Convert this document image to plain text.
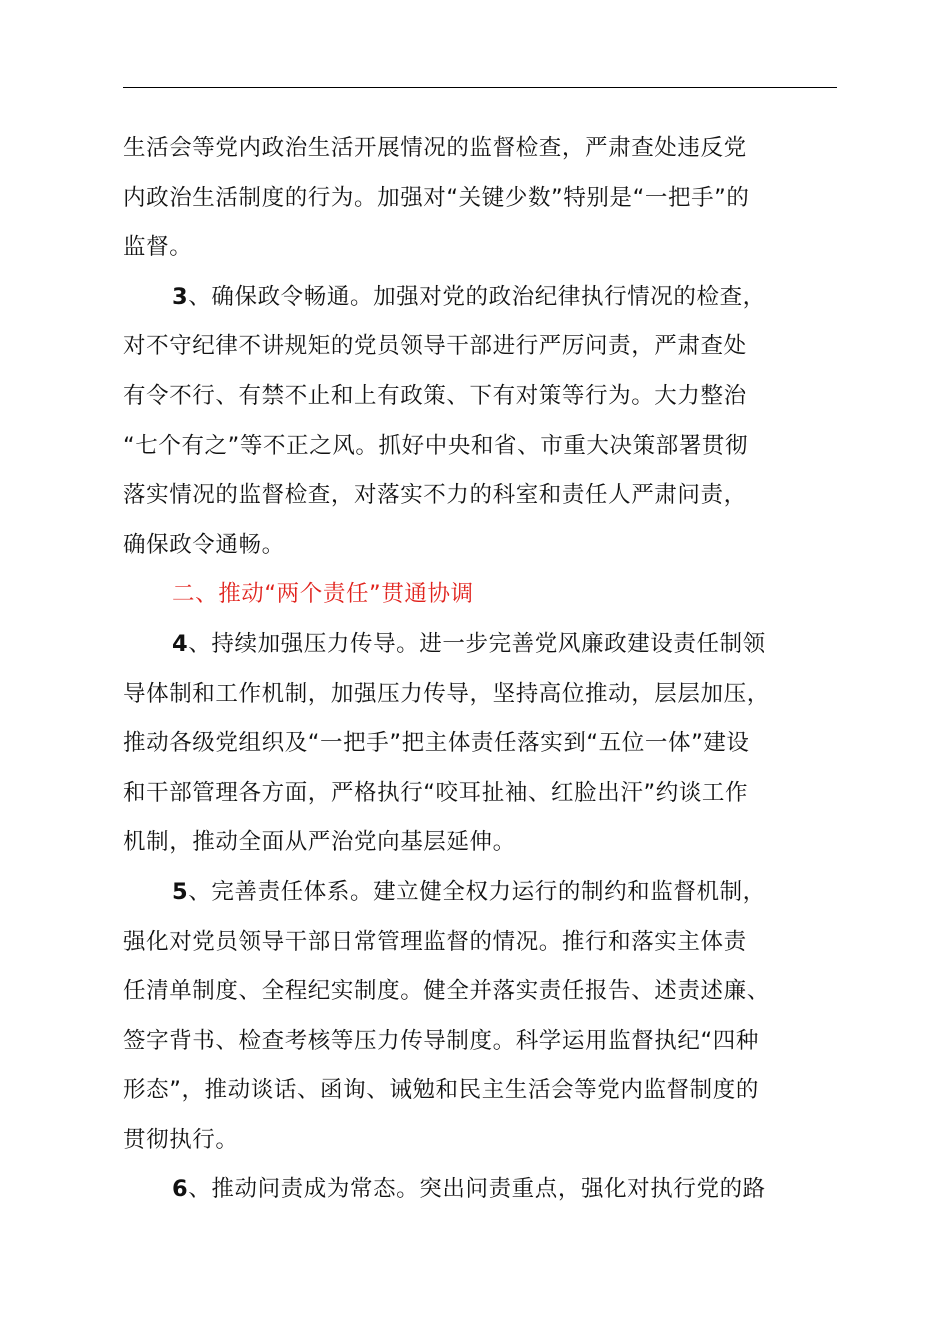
生活会等党内政治生活开展情况的监督检查，严肃查处违反党
内政治生活制度的行为。加强对“关键少数”特别是“一把手”的
监督。
3、确保政令畅通。加强对党的政治纪律执行情况的检查，
对不守纪律不讲规矩的党员领导干部进行严厉问责，严肃查处
有令不行、有禁不止和上有政策、下有对策等行为。大力整治
“七个有之”等不正之风。抓好中央和省、市重大决策部署贯彻
落实情况的监督检查，对落实不力的科室和责任人严肃问责，
确保政令通畅。
二、推动“两个责任”贯通协调
4、持续加强压力传导。进一步完善党风廉政建设责任制领
导体制和工作机制，加强压力传导，坚持高位推动，层层加压，
推动各级党组织及“一把手”把主体责任落实到“五位一体”建设
和干部管理各方面，严格执行“咬耳扯袖、红脸出汗”约谈工作
机制，推动全面从严治党向基层延伸。
5、完善责任体系。建立健全权力运行的制约和监督机制，
强化对党员领导干部日常管理监督的情况。推行和落实主体责
任清单制度、全程纪实制度。健全并落实责任报告、述责述廉、
签字背书、检查考核等压力传导制度。科学运用监督执纪“四种
形态”，推动谈话、函询、诫勉和民主生活会等党内监督制度的
贯彻执行。
6、推动问责成为常态。突出问责重点，强化对执行党的路
